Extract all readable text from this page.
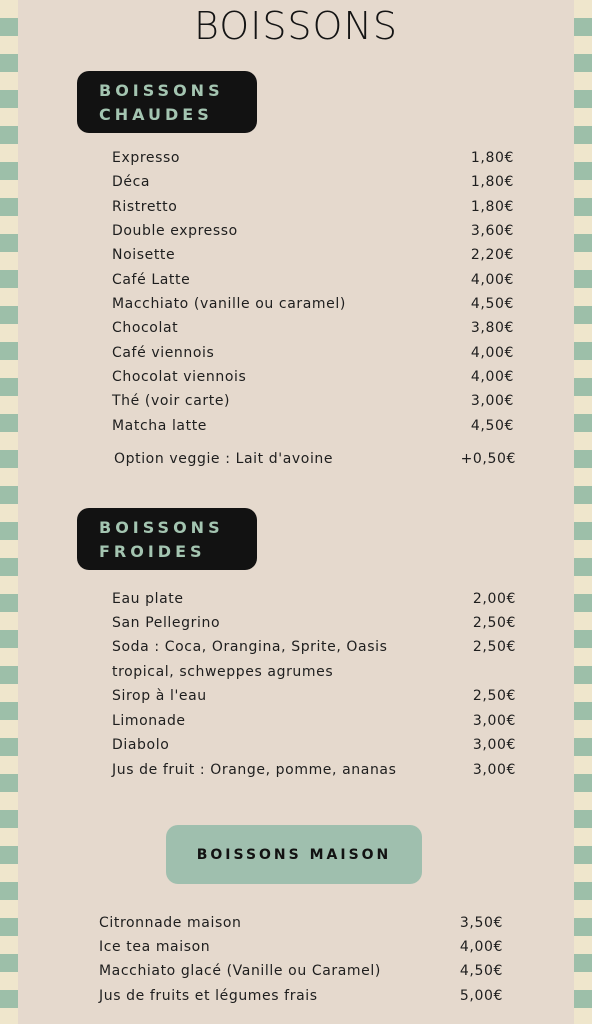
BOISSONS
BOISSONS
CHAUDES
Expresso	1,80€
Déca	1,80€
Ristretto	1,80€
Double expresso	3,60€
Noisette	2,20€
Café Latte	4,00€
Macchiato (vanille ou caramel)	4,50€
Chocolat	3,80€
Café viennois	4,00€
Chocolat viennois	4,00€
Thé (voir carte)	3,00€
Matcha latte	4,50€
Option veggie : Lait d'avoine	+0,50€
BOISSONS
FROIDES
Eau plate	2,00€
San Pellegrino	2,50€
Soda : Coca, Orangina, Sprite, Oasis	2,50€
tropical, schweppes agrumes
Sirop à l'eau	2,50€
Limonade	3,00€
Diabolo	3,00€
Jus de fruit : Orange, pomme, ananas	3,00€
BOISSONS MAISON
Citronnade maison	3,50€
Ice tea maison	4,00€
Macchiato glacé (Vanille ou Caramel)	4,50€
Jus de fruits et légumes frais	5,00€
